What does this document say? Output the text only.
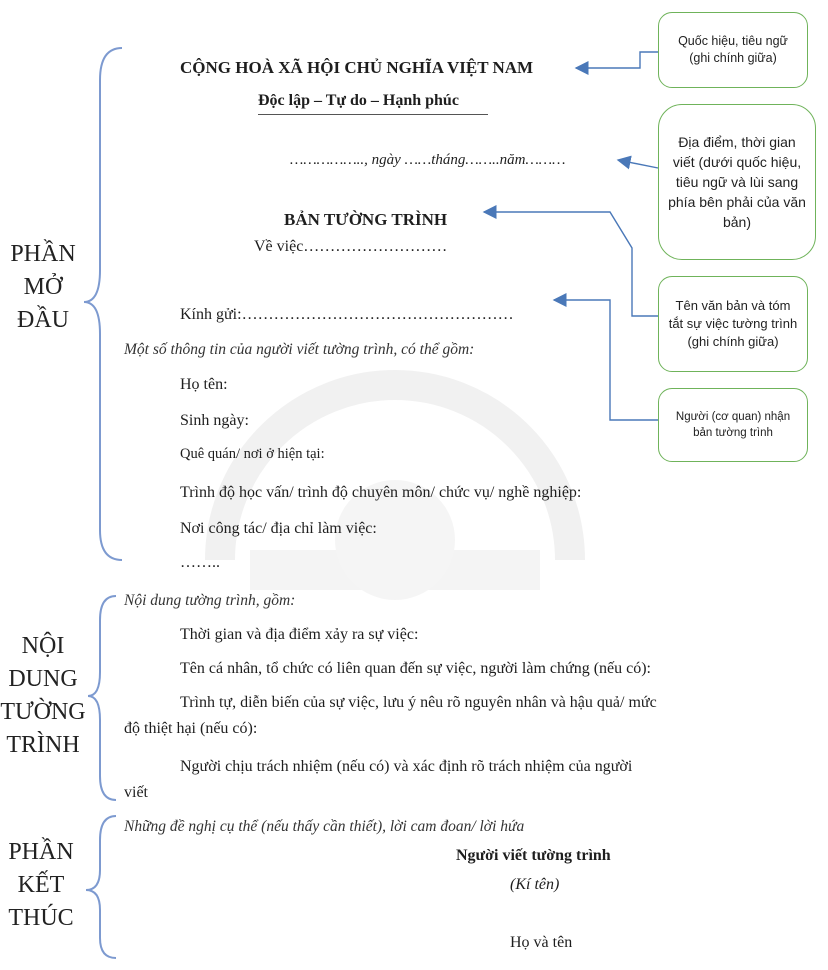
PHẦN
MỞ
ĐẦU
NỘI
DUNG
TƯỜNG
TRÌNH
PHẦN
KẾT
THÚC
CỘNG HOÀ XÃ HỘI CHỦ NGHĨA VIỆT NAM
Độc lập – Tự do – Hạnh phúc
…………….., ngày ……tháng……..năm………
BẢN TƯỜNG TRÌNH
Về việc………………………
Kính gửi:……………………………………………
Một số thông tin của người viết tường trình, có thể gồm:
Họ tên:
Sinh ngày:
Quê quán/ nơi ở hiện tại:
Trình độ học vấn/ trình độ chuyên môn/ chức vụ/ nghề nghiệp:
Nơi công tác/ địa chỉ làm việc:
……..
Nội dung tường trình, gồm:
Thời gian và địa điểm xảy ra sự việc:
Tên cá nhân, tổ chức có liên quan đến sự việc, người làm chứng (nếu có):
Trình tự, diễn biến của sự việc, lưu ý nêu rõ nguyên nhân và hậu quả/ mức
độ thiệt hại (nếu có):
Người chịu trách nhiệm (nếu có) và xác định rõ trách nhiệm của người
viết
Những đề nghị cụ thể (nếu thấy cần thiết), lời cam đoan/ lời hứa
Người viết tường trình
(Kí tên)
Họ và tên
Quốc hiệu, tiêu ngữ (ghi chính giữa)
Địa điểm, thời gian viết (dưới quốc hiệu, tiêu ngữ và lùi sang phía bên phải của văn bản)
Tên văn bản và tóm tắt sự việc tường trình (ghi chính giữa)
Người (cơ quan) nhận bản tường trình
